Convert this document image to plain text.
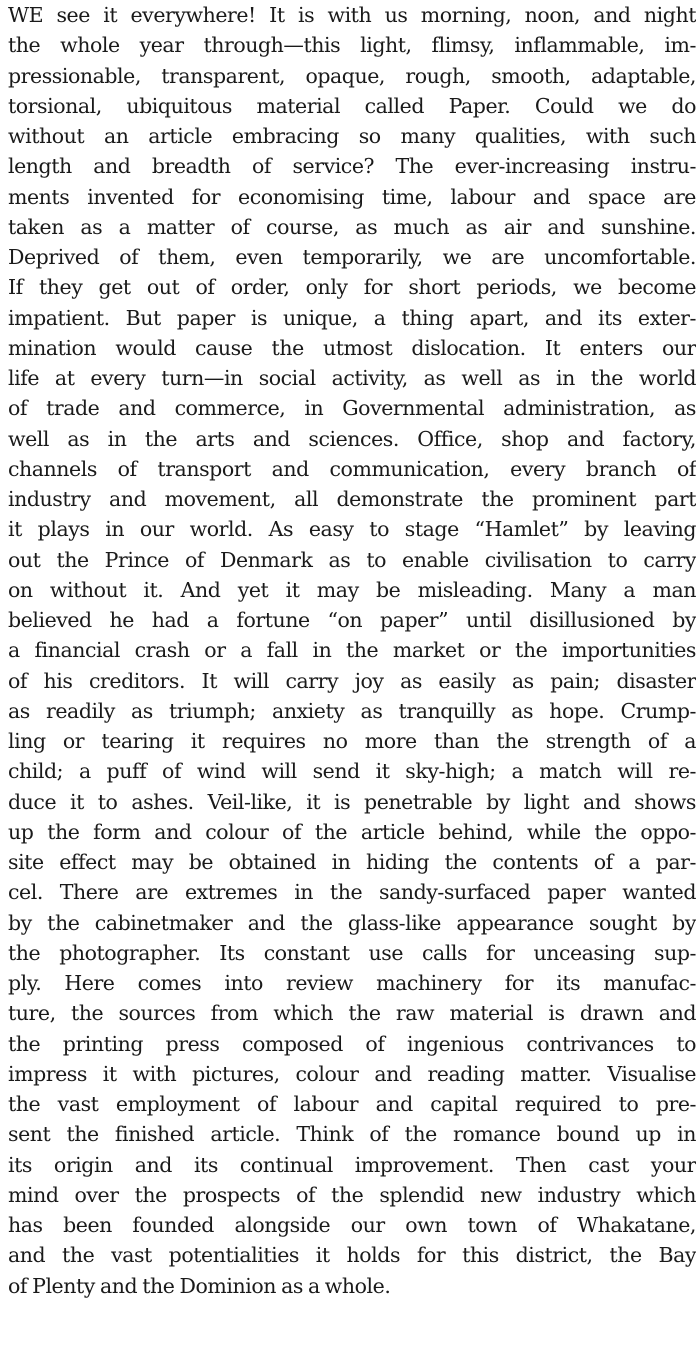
WE see it everywhere! It is with us morning, noon, and night
the whole year through—this light, flimsy, inflammable, im-
pressionable, transparent, opaque, rough, smooth, adaptable,
torsional, ubiquitous material called Paper. Could we do
without an article embracing so many qualities, with such
length and breadth of service? The ever-increasing instru-
ments invented for economising time, labour and space are
taken as a matter of course, as much as air and sunshine.
Deprived of them, even temporarily, we are uncomfortable.
If they get out of order, only for short periods, we become
impatient. But paper is unique, a thing apart, and its exter-
mination would cause the utmost dislocation. It enters our
life at every turn—in social activity, as well as in the world
of trade and commerce, in Governmental administration, as
well as in the arts and sciences. Office, shop and factory,
channels of transport and communication, every branch of
industry and movement, all demonstrate the prominent part
it plays in our world. As easy to stage “Hamlet” by leaving
out the Prince of Denmark as to enable civilisation to carry
on without it. And yet it may be misleading. Many a man
believed he had a fortune “on paper” until disillusioned by
a financial crash or a fall in the market or the importunities
of his creditors. It will carry joy as easily as pain; disaster
as readily as triumph; anxiety as tranquilly as hope. Crump-
ling or tearing it requires no more than the strength of a
child; a puff of wind will send it sky-high; a match will re-
duce it to ashes. Veil-like, it is penetrable by light and shows
up the form and colour of the article behind, while the oppo-
site effect may be obtained in hiding the contents of a par-
cel. There are extremes in the sandy-surfaced paper wanted
by the cabinetmaker and the glass-like appearance sought by
the photographer. Its constant use calls for unceasing sup-
ply. Here comes into review machinery for its manufac-
ture, the sources from which the raw material is drawn and
the printing press composed of ingenious contrivances to
impress it with pictures, colour and reading matter. Visualise
the vast employment of labour and capital required to pre-
sent the finished article. Think of the romance bound up in
its origin and its continual improvement. Then cast your
mind over the prospects of the splendid new industry which
has been founded alongside our own town of Whakatane,
and the vast potentialities it holds for this district, the Bay
of Plenty and the Dominion as a whole.
